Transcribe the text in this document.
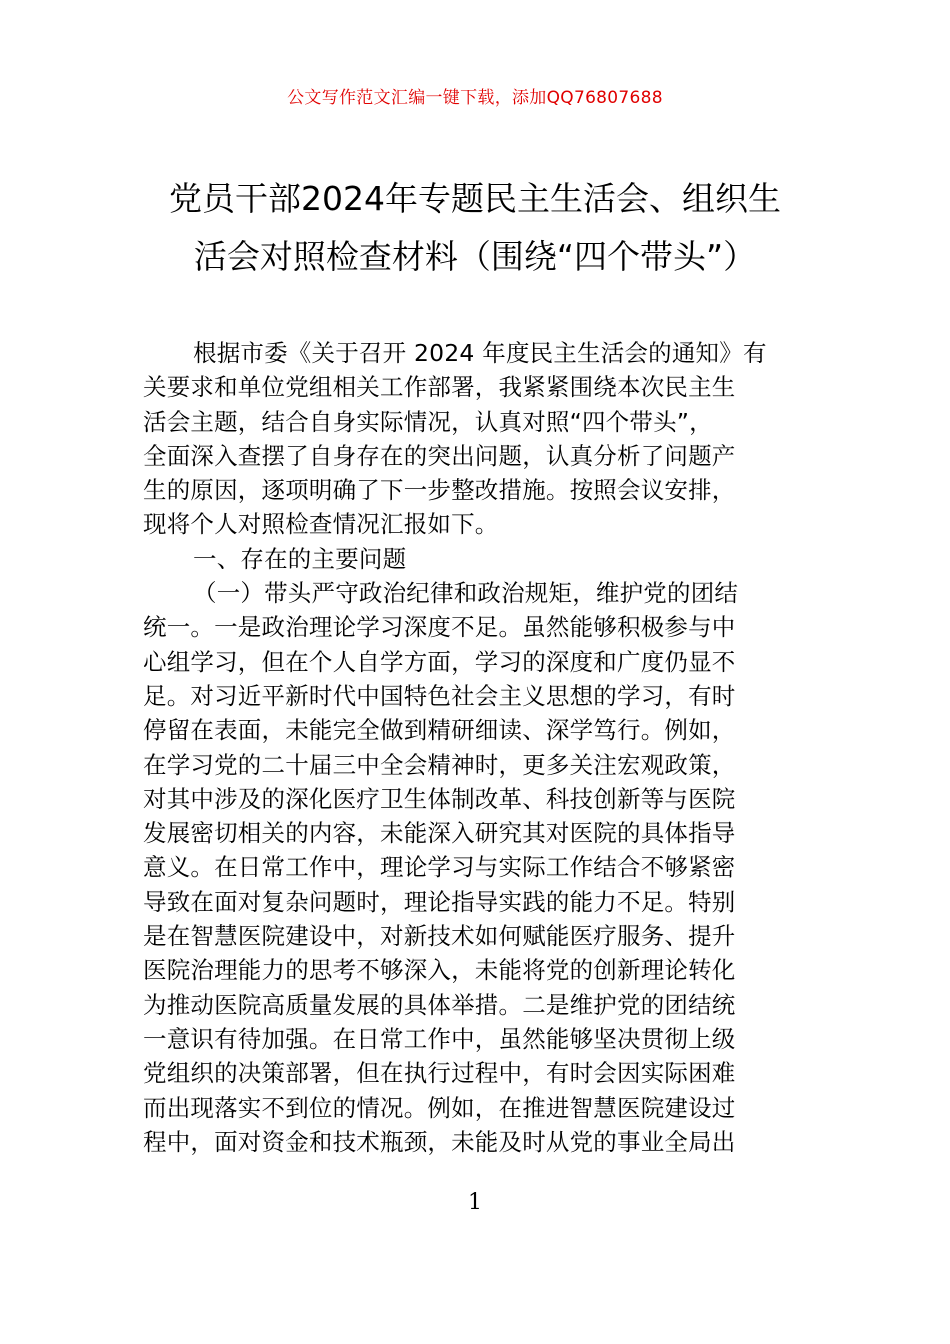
公文写作范文汇编一键下载，添加QQ76807688
党员干部2024年专题民主生活会、组织生
活会对照检查材料（围绕“四个带头”）
根据市委《关于召开 2024 年度民主生活会的通知》有
关要求和单位党组相关工作部署，我紧紧围绕本次民主生
活会主题，结合自身实际情况，认真对照“四个带头”，
全面深入查摆了自身存在的突出问题，认真分析了问题产
生的原因，逐项明确了下一步整改措施。按照会议安排，
现将个人对照检查情况汇报如下。
一、存在的主要问题
（一）带头严守政治纪律和政治规矩，维护党的团结
统一。一是政治理论学习深度不足。虽然能够积极参与中
心组学习，但在个人自学方面，学习的深度和广度仍显不
足。对习近平新时代中国特色社会主义思想的学习，有时
停留在表面，未能完全做到精研细读、深学笃行。例如，
在学习党的二十届三中全会精神时，更多关注宏观政策，
对其中涉及的深化医疗卫生体制改革、科技创新等与医院
发展密切相关的内容，未能深入研究其对医院的具体指导
意义。在日常工作中，理论学习与实际工作结合不够紧密
导致在面对复杂问题时，理论指导实践的能力不足。特别
是在智慧医院建设中，对新技术如何赋能医疗服务、提升
医院治理能力的思考不够深入，未能将党的创新理论转化
为推动医院高质量发展的具体举措。二是维护党的团结统
一意识有待加强。在日常工作中，虽然能够坚决贯彻上级
党组织的决策部署，但在执行过程中，有时会因实际困难
而出现落实不到位的情况。例如，在推进智慧医院建设过
程中，面对资金和技术瓶颈，未能及时从党的事业全局出
1
